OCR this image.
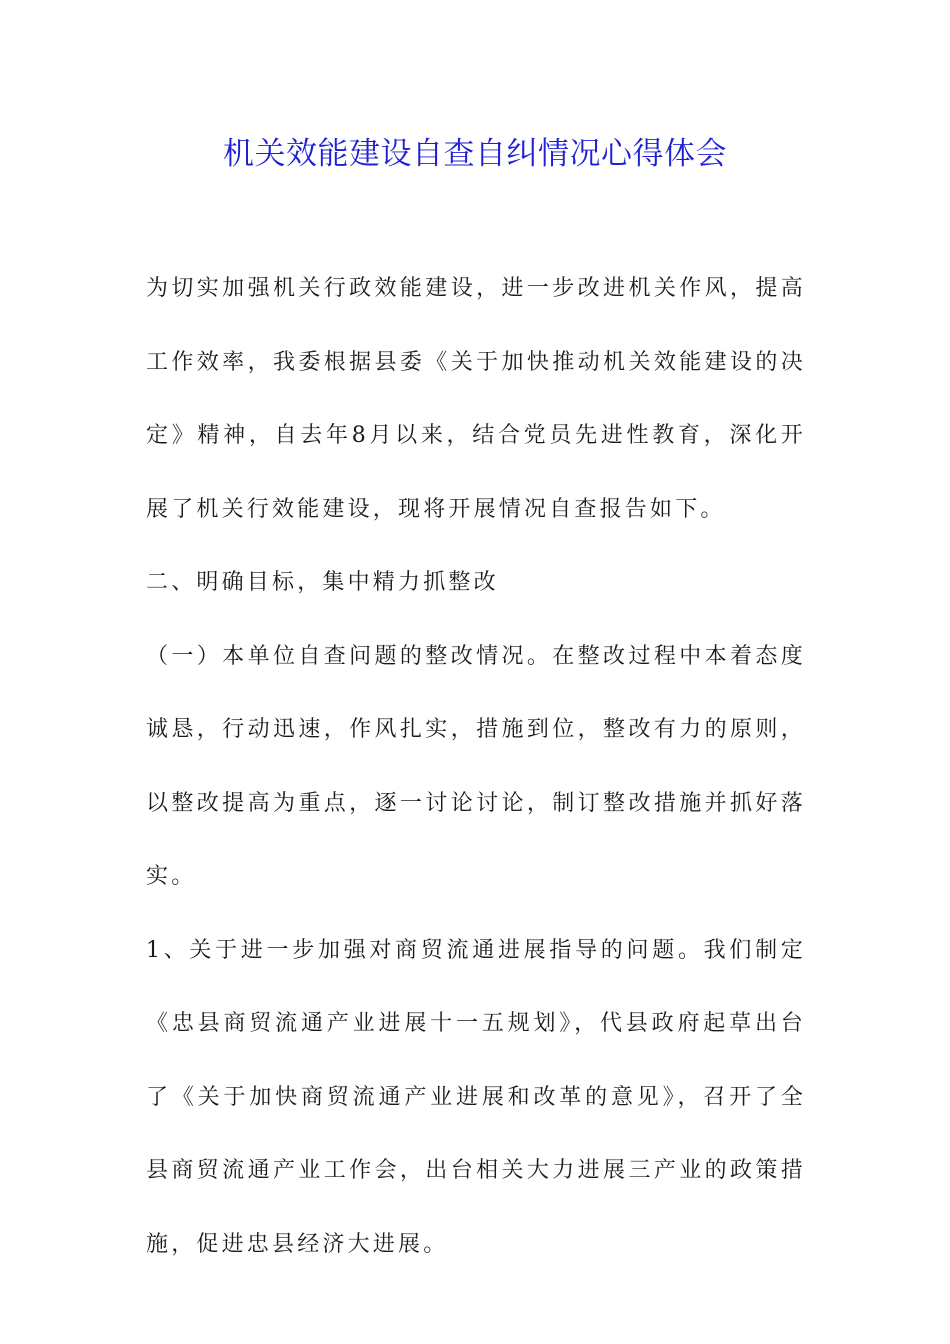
机关效能建设自查自纠情况心得体会

为切实加强机关行政效能建设，进一步改进机关作风，提高工作效率，我委根据县委《关于加快推动机关效能建设的决定》精神，自去年8月以来，结合党员先进性教育，深化开展了机关行效能建设，现将开展情况自查报告如下。

二、明确目标，集中精力抓整改

（一）本单位自查问题的整改情况。在整改过程中本着态度诚恳，行动迅速，作风扎实，措施到位，整改有力的原则，以整改提高为重点，逐一讨论讨论，制订整改措施并抓好落实。

1、关于进一步加强对商贸流通进展指导的问题。我们制定《忠县商贸流通产业进展十一五规划》，代县政府起草出台了《关于加快商贸流通产业进展和改革的意见》，召开了全县商贸流通产业工作会，出台相关大力进展三产业的政策措施，促进忠县经济大进展。
